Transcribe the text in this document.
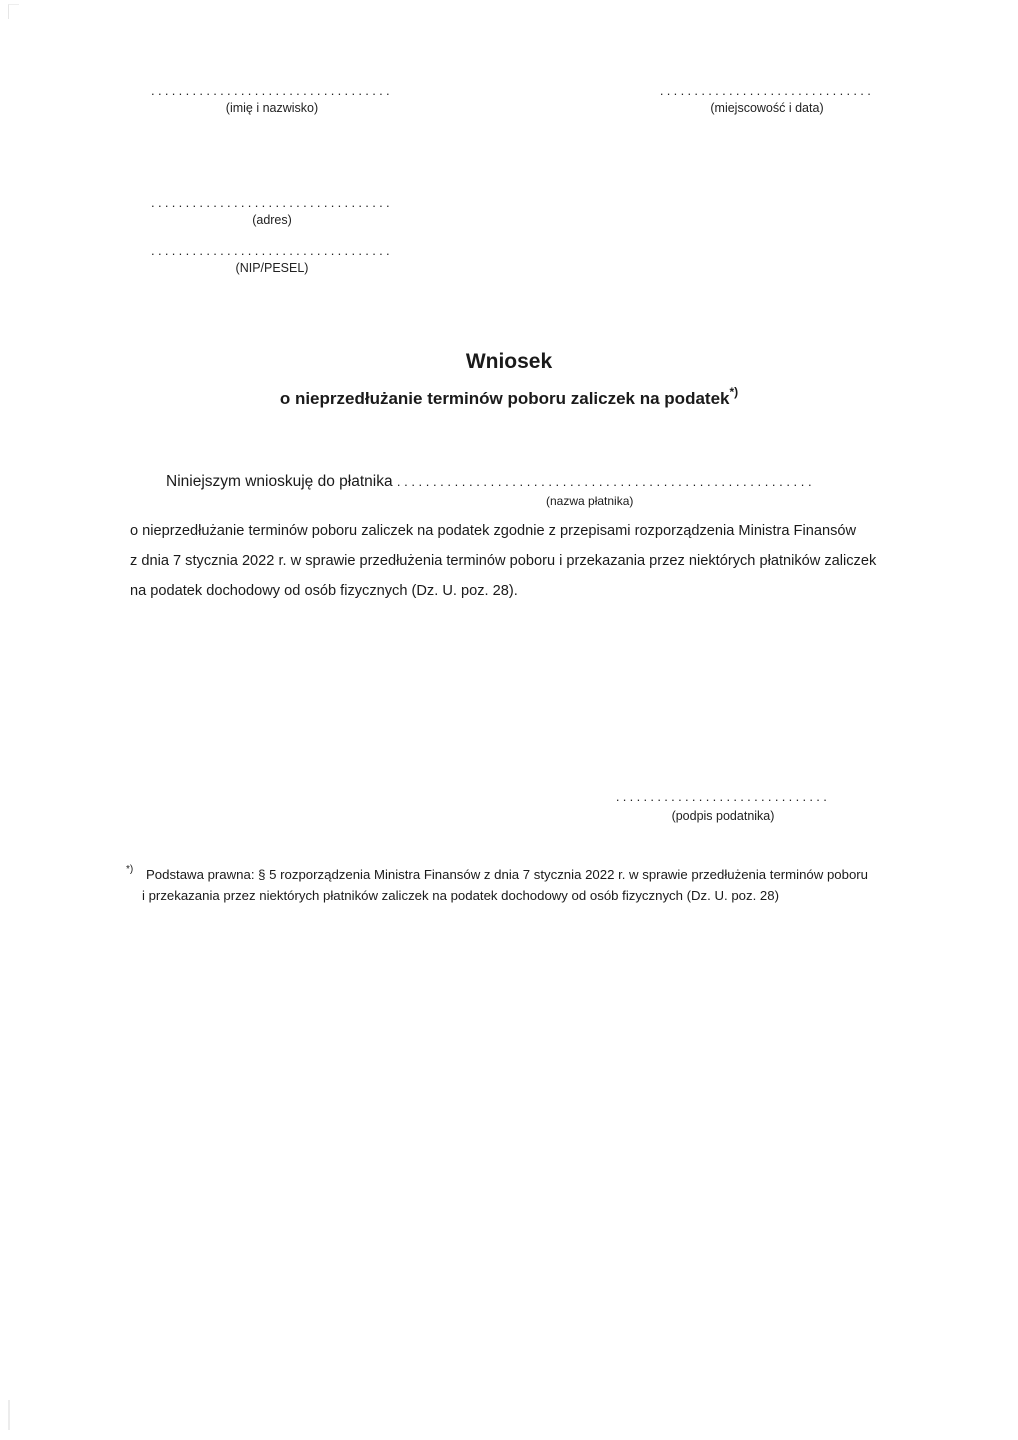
...................................
(imię i nazwisko)
...............................
(miejscowość i data)
...................................
(adres)
...................................
(NIP/PESEL)
Wniosek
o nieprzedłużanie terminów poboru zaliczek na podatek*)
Niniejszym wnioskuję do płatnika ..........................................................
(nazwa płatnika)
o nieprzedłużanie terminów poboru zaliczek na podatek zgodnie z przepisami rozporządzenia Ministra Finansów
z dnia 7 stycznia 2022 r. w sprawie przedłużenia terminów poboru i przekazania przez niektórych płatników zaliczek
na podatek dochodowy od osób fizycznych (Dz. U. poz. 28).
...............................
(podpis podatnika)
*) Podstawa prawna: § 5 rozporządzenia Ministra Finansów z dnia 7 stycznia 2022 r. w sprawie przedłużenia terminów poboru
i przekazania przez niektórych płatników zaliczek na podatek dochodowy od osób fizycznych (Dz. U. poz. 28)
